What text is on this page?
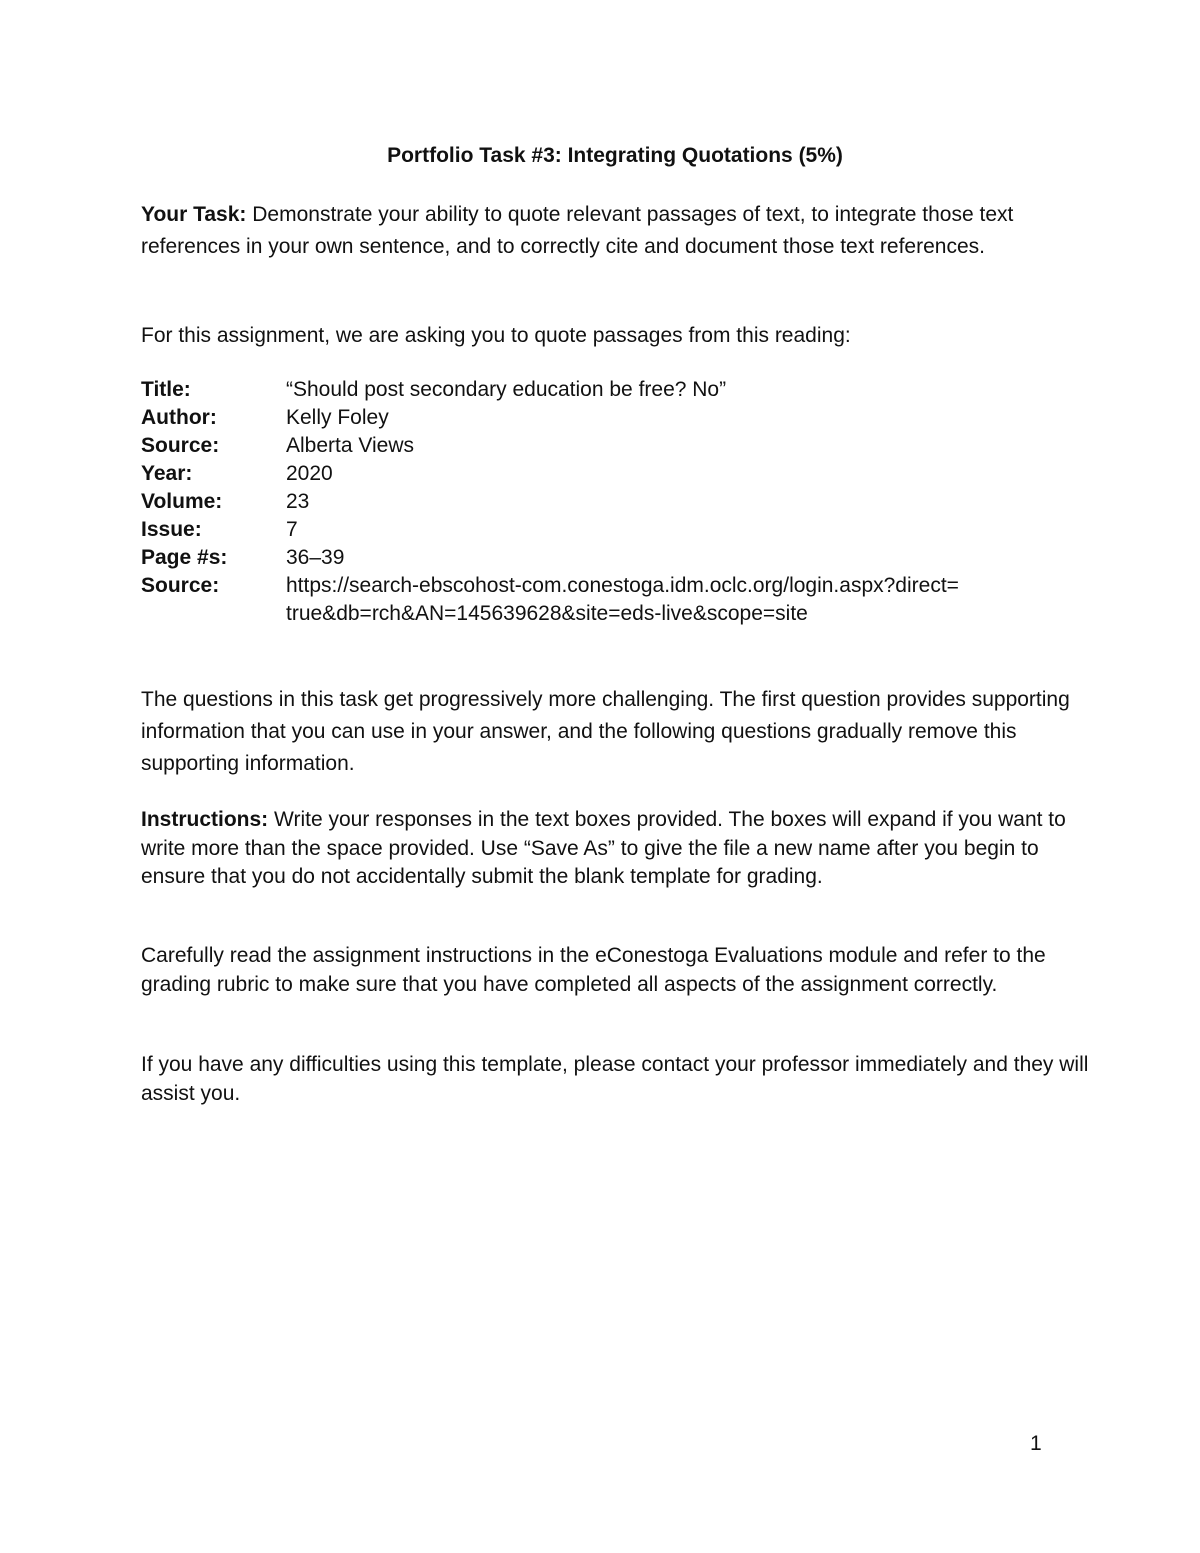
Portfolio Task #3: Integrating Quotations (5%)

Your Task: Demonstrate your ability to quote relevant passages of text, to integrate those text references in your own sentence, and to correctly cite and document those text references.

For this assignment, we are asking you to quote passages from this reading:

Title:	“Should post secondary education be free? No”
Author:	Kelly Foley
Source:	Alberta Views
Year:	2020
Volume:	23
Issue:	7
Page #s:	36–39
Source:	https://search-ebscohost-com.conestoga.idm.oclc.org/login.aspx?direct=
true&db=rch&AN=145639628&site=eds-live&scope=site

The questions in this task get progressively more challenging. The first question provides supporting information that you can use in your answer, and the following questions gradually remove this supporting information.

Instructions: Write your responses in the text boxes provided. The boxes will expand if you want to write more than the space provided. Use “Save As” to give the file a new name after you begin to ensure that you do not accidentally submit the blank template for grading.

Carefully read the assignment instructions in the eConestoga Evaluations module and refer to the grading rubric to make sure that you have completed all aspects of the assignment correctly.

If you have any difficulties using this template, please contact your professor immediately and they will assist you.

1
